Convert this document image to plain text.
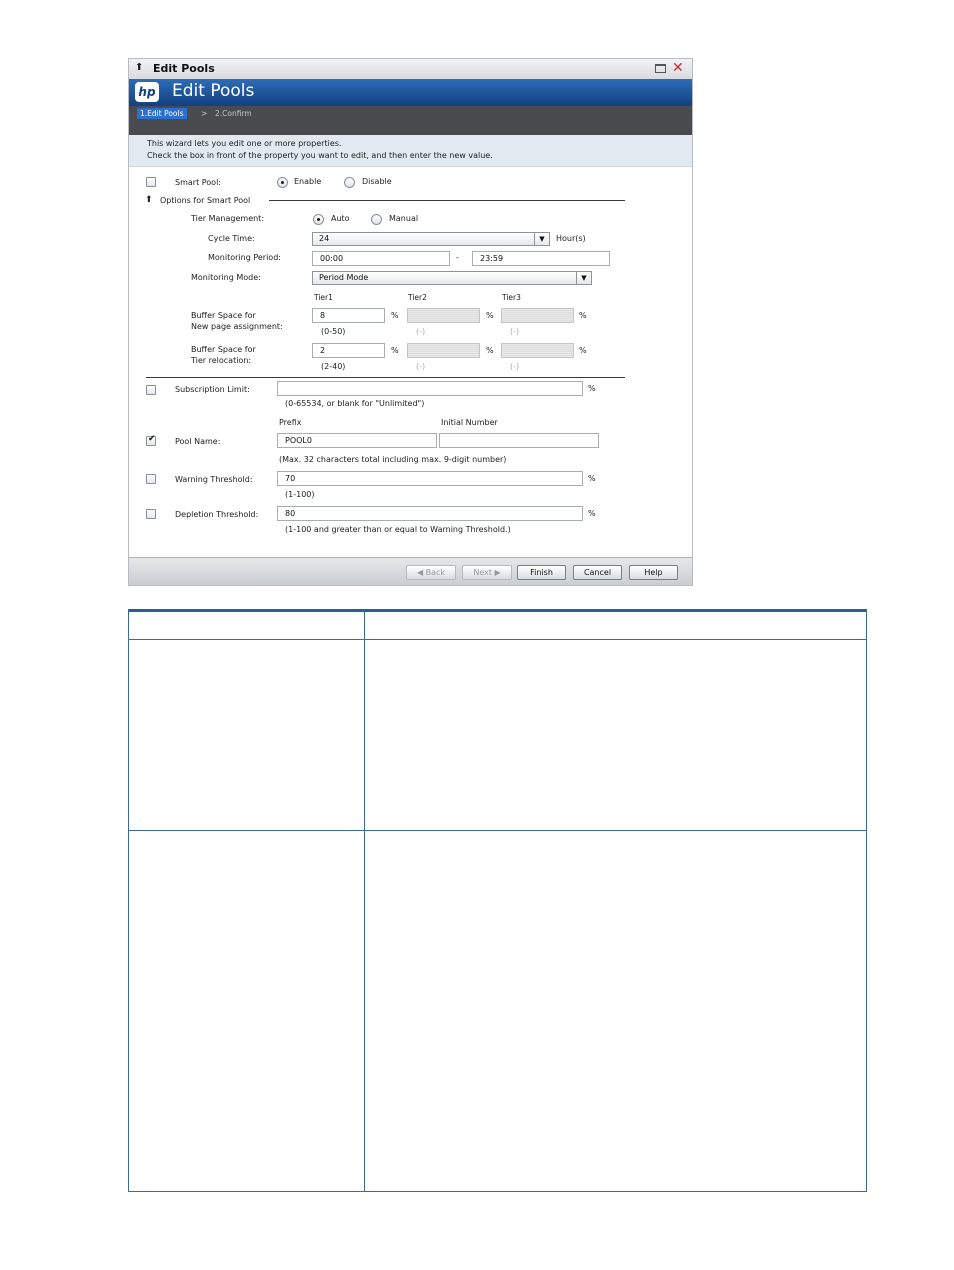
⬆ Edit Pools	✕
hp Edit Pools
1.Edit Pools	> 2.Confirm
This wizard lets you edit one or more properties.
Check the box in front of the property you want to edit, and then enter the new value.
Smart Pool:	Enable	Disable
⬆ Options for Smart Pool
Tier Management:	Auto	Manual
Cycle Time:	24	▼	Hour(s)
Monitoring Period:	00:00	-	23:59
Monitoring Mode:	Period Mode	▼
Tier1	Tier2	Tier3
Buffer Space for
New page assignment:
8	%	%	%
(0-50)	(-)	(-)
Buffer Space for
Tier relocation:
2	%	%	%
(2-40)	(-)	(-)
Subscription Limit:	%
(0-65534, or blank for "Unlimited")
Prefix	Initial Number
✔
Pool Name:	POOL0
(Max. 32 characters total including max. 9-digit number)
Warning Threshold:	70	%
(1-100)
Depletion Threshold:	80	%
(1-100 and greater than or equal to Warning Threshold.)
◀ Back	Next ▶	Finish	Cancel	Help
